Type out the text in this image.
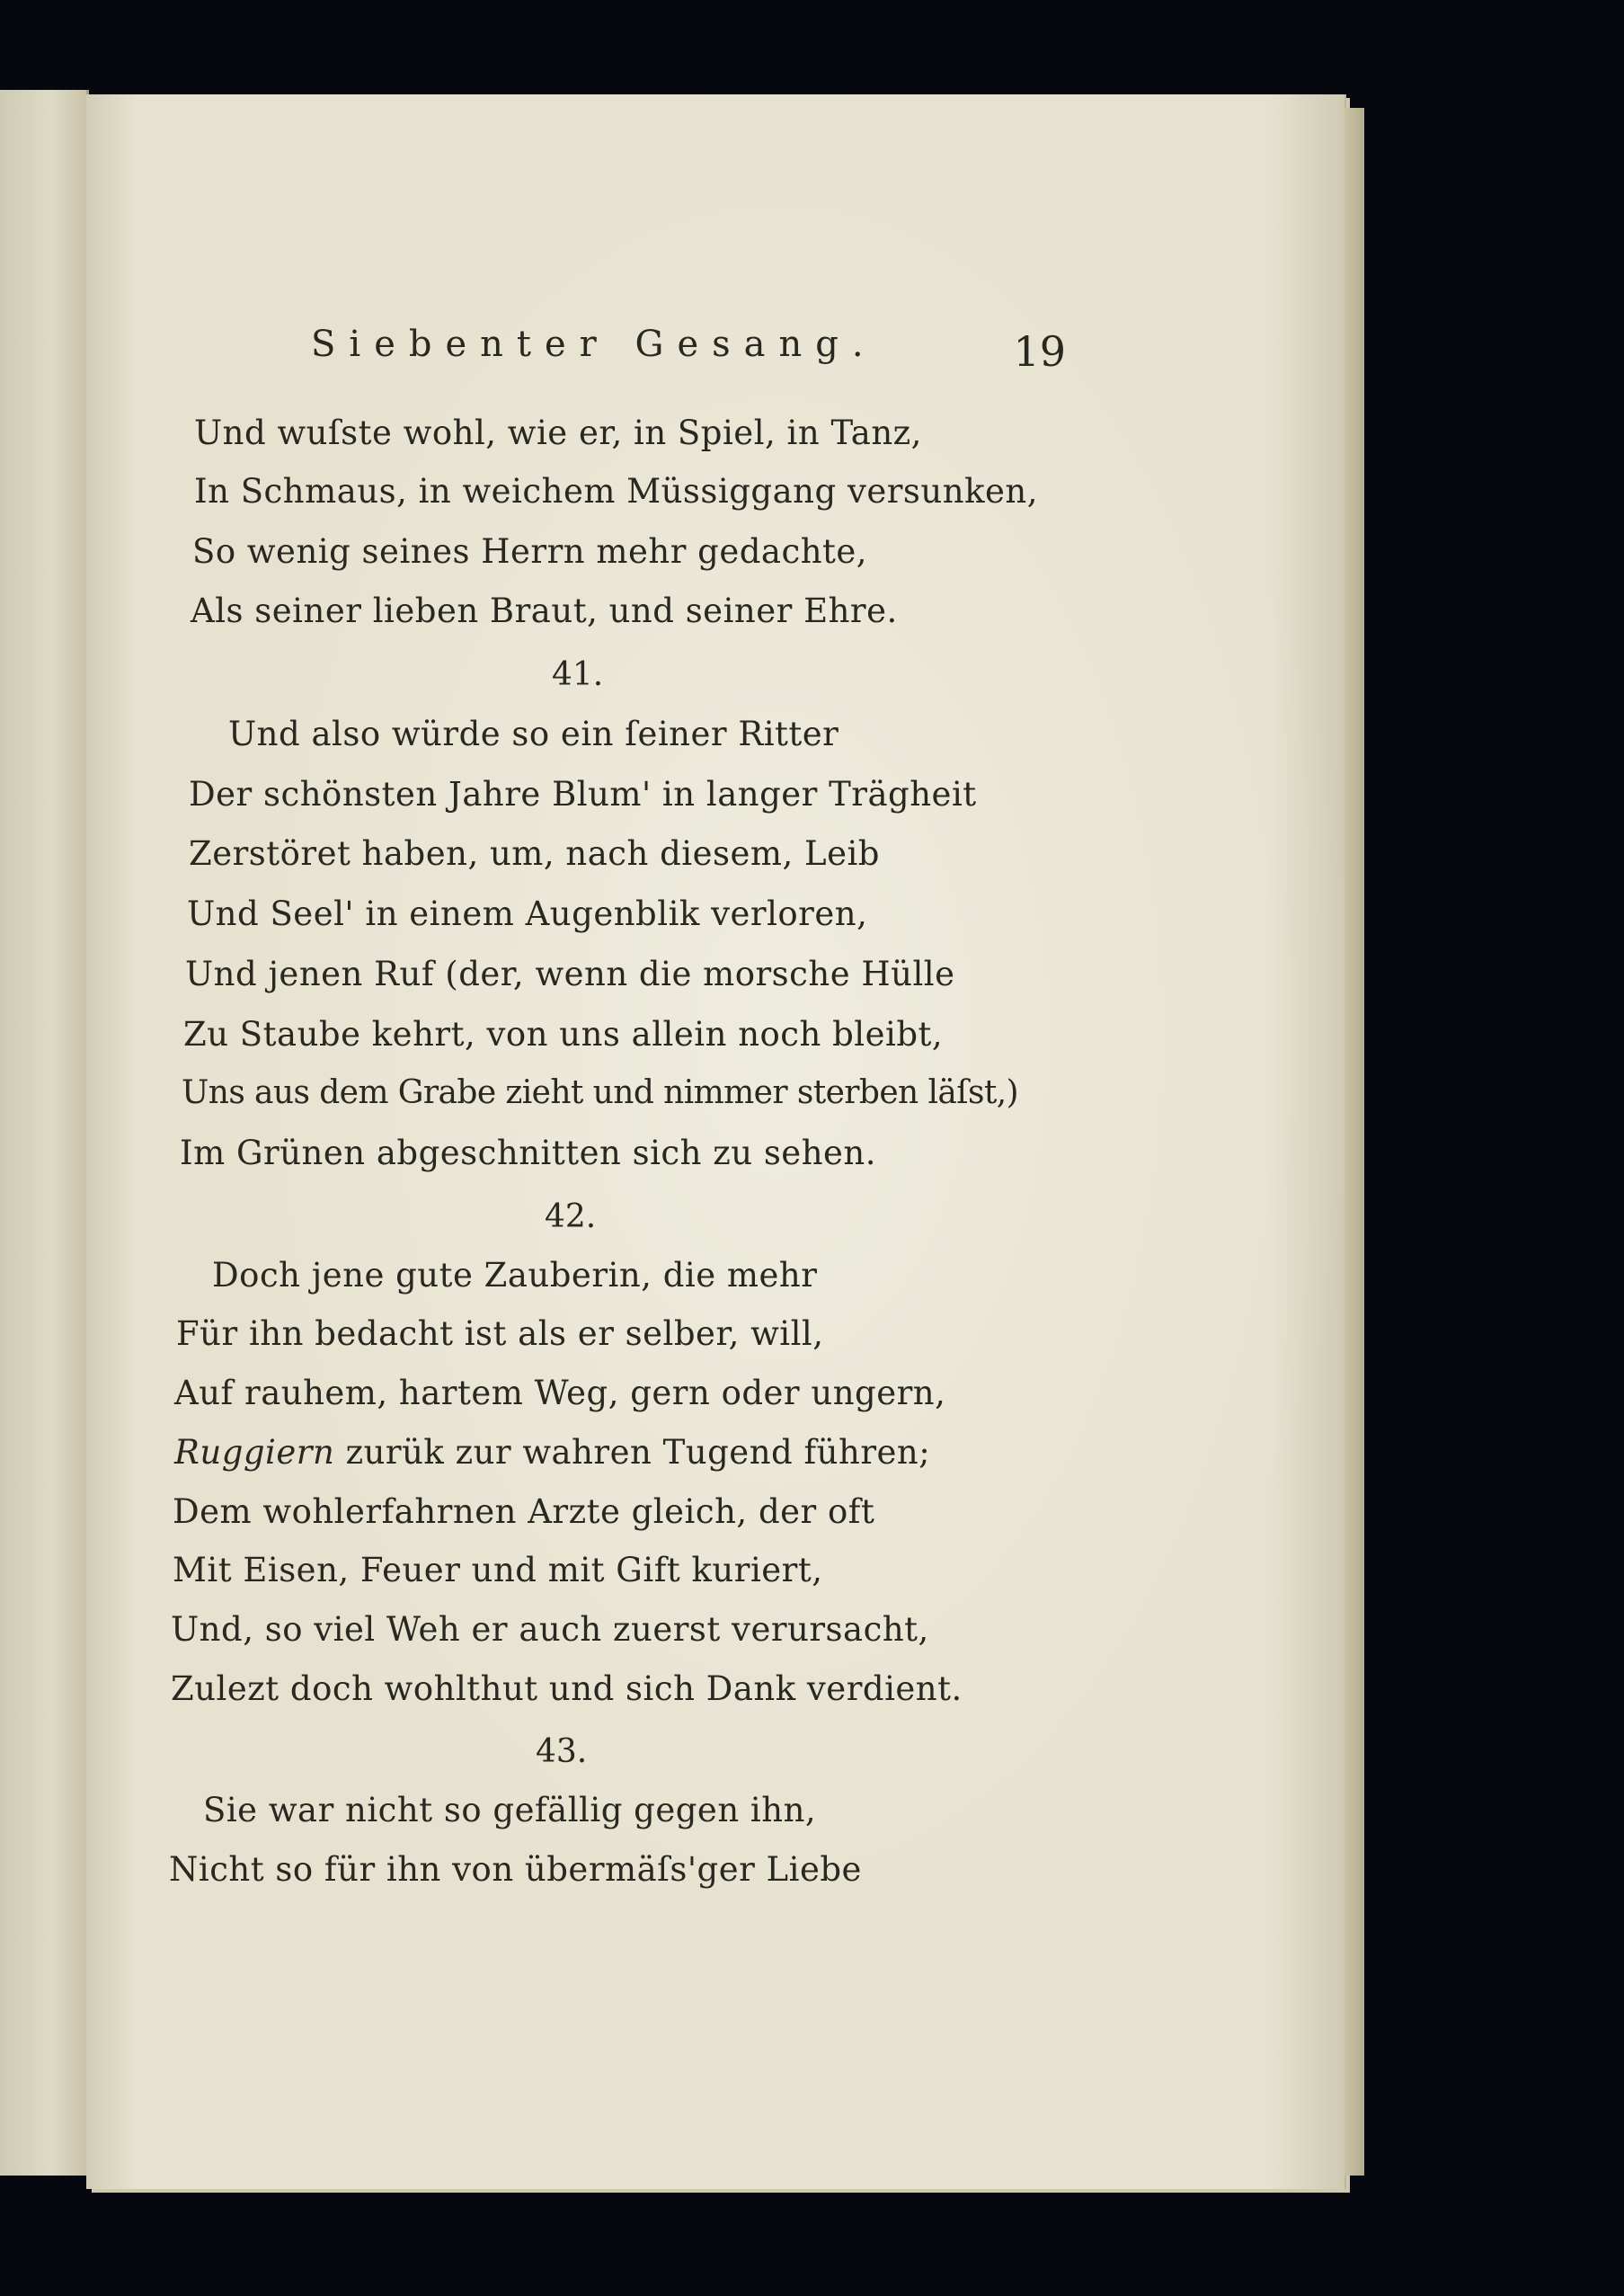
Siebenter Gesang.	19
Und wuſste wohl, wie er, in Spiel, in Tanz,
In Schmaus, in weichem Müssiggang versunken,
So wenig seines Herrn mehr gedachte,
Als seiner lieben Braut, und seiner Ehre.
41.
Und also würde so ein ſeiner Ritter
Der schönsten Jahre Blum' in langer Trägheit
Zerstöret haben, um, nach diesem, Leib
Und Seel' in einem Augenblik verloren,
Und jenen Ruf (der, wenn die morsche Hülle
Zu Staube kehrt, von uns allein noch bleibt,
Uns aus dem Grabe zieht und nimmer sterben läſst,)
Im Grünen abgeschnitten sich zu sehen.
42.
Doch jene gute Zauberin, die mehr
Für ihn bedacht ist als er selber, will,
Auf rauhem, hartem Weg, gern oder ungern,
Ruggiern zurük zur wahren Tugend führen;
Dem wohlerfahrnen Arzte gleich, der oft
Mit Eisen, Feuer und mit Gift kuriert,
Und, so viel Weh er auch zuerst verursacht,
Zulezt doch wohlthut und sich Dank verdient.
43.
Sie war nicht so gefällig gegen ihn,
Nicht so für ihn von übermäſs'ger Liebe
